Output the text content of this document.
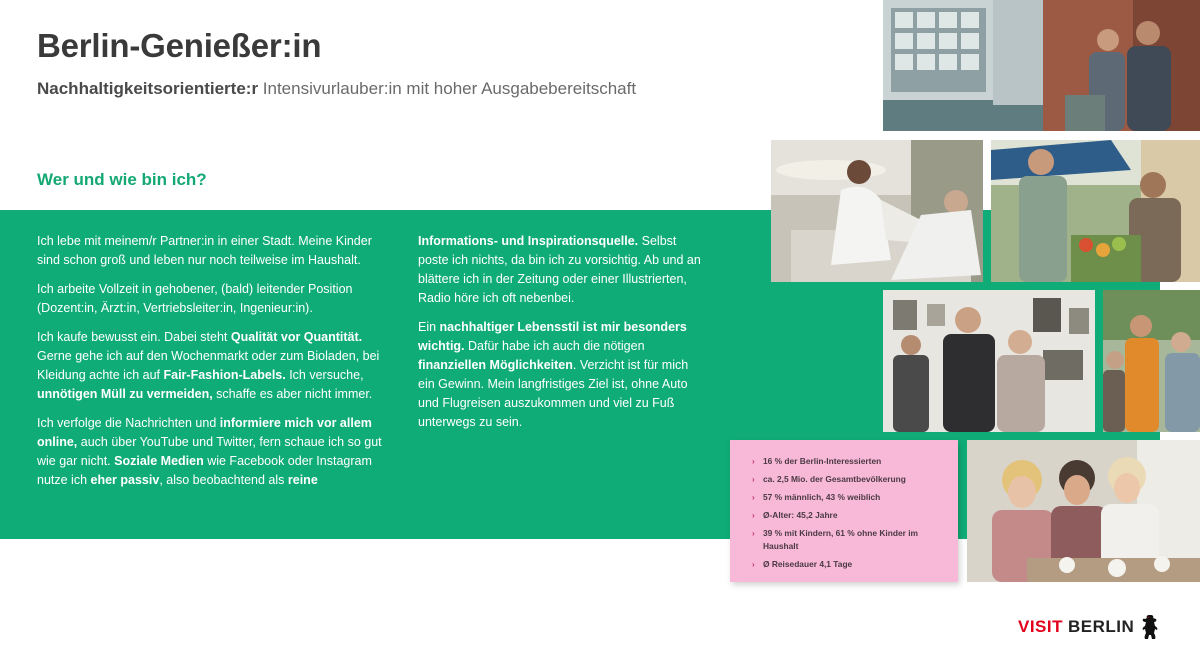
Berlin-Genießer:in

Nachhaltigkeitsorientierte:r Intensivurlauber:in mit hoher Ausgabebereitschaft

Wer und wie bin ich?

Ich lebe mit meinem/r Partner:in in einer Stadt. Meine Kinder sind schon groß und leben nur noch teilweise im Haushalt.

Ich arbeite Vollzeit in gehobener, (bald) leitender Position (Dozent:in, Ärzt:in, Vertriebsleiter:in, Ingenieur:in).

Ich kaufe bewusst ein. Dabei steht Qualität vor Quantität. Gerne gehe ich auf den Wochenmarkt oder zum Bioladen, bei Kleidung achte ich auf Fair-Fashion-Labels. Ich versuche, unnötigen Müll zu vermeiden, schaffe es aber nicht immer.

Ich verfolge die Nachrichten und informiere mich vor allem online, auch über YouTube und Twitter, fern schaue ich so gut wie gar nicht. Soziale Medien wie Facebook oder Instagram nutze ich eher passiv, also beobachtend als reine

Informations- und Inspirationsquelle. Selbst poste ich nichts, da bin ich zu vorsichtig. Ab und an blättere ich in der Zeitung oder einer Illustrierten, Radio höre ich oft nebenbei.

Ein nachhaltiger Lebensstil ist mir besonders wichtig. Dafür habe ich auch die nötigen finanziellen Möglichkeiten. Verzicht ist für mich ein Gewinn. Mein langfristiges Ziel ist, ohne Auto und Flugreisen auszukommen und viel zu Fuß unterwegs zu sein.

› 16 % der Berlin-Interessierten
› ca. 2,5 Mio. der Gesamtbevölkerung
› 57 % männlich, 43 % weiblich
› Ø-Alter: 45,2 Jahre
› 39 % mit Kindern, 61 % ohne Kinder im Haushalt
› Ø Reisedauer 4,1 Tage
VISIT BERLIN
